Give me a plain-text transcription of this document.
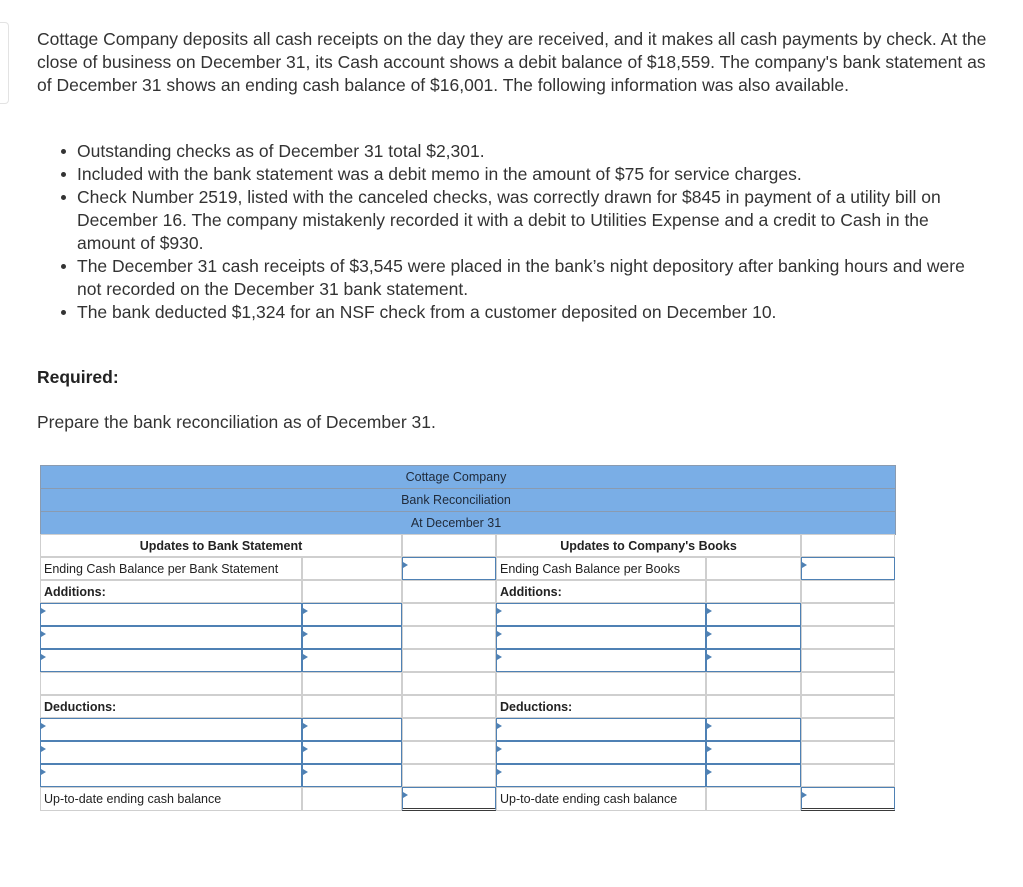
Cottage Company deposits all cash receipts on the day they are received, and it makes all cash payments by check. At the close of business on December 31, its Cash account shows a debit balance of $18,559. The company's bank statement as of December 31 shows an ending cash balance of $16,001. The following information was also available.

Outstanding checks as of December 31 total $2,301.
Included with the bank statement was a debit memo in the amount of $75 for service charges.
Check Number 2519, listed with the canceled checks, was correctly drawn for $845 in payment of a utility bill on December 16. The company mistakenly recorded it with a debit to Utilities Expense and a credit to Cash in the amount of $930.
The December 31 cash receipts of $3,545 were placed in the bank’s night depository after banking hours and were not recorded on the December 31 bank statement.
The bank deducted $1,324 for an NSF check from a customer deposited on December 10.
Required:
Prepare the bank reconciliation as of December 31.
Cottage Company
Bank Reconciliation
At December 31
Updates to Bank Statement	Updates to Company's Books
Ending Cash Balance per Bank Statement	Ending Cash Balance per Books
Additions:	Additions:
Deductions:	Deductions:
Up-to-date ending cash balance	Up-to-date ending cash balance
